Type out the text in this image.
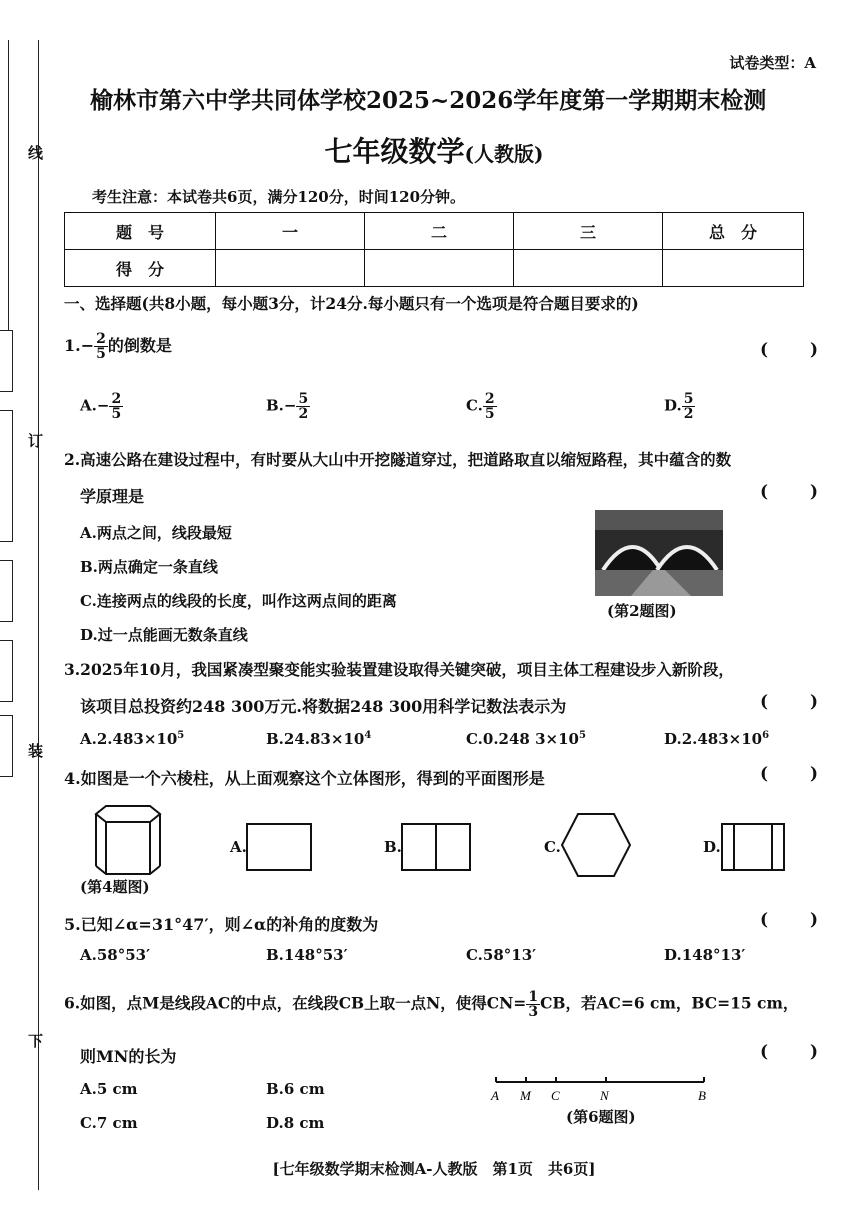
线
订
装
下
试卷类型：A
榆林市第六中学共同体学校2025~2026学年度第一学期期末检测
七年级数学(人教版)
考生注意：本试卷共6页，满分120分，时间120分钟。
题　号	一	二	三	总　分
得　分				
一、选择题(共8小题，每小题3分，计24分.每小题只有一个选项是符合题目要求的)
$1.- \frac{2}{5}$ 的倒数是	( )
$A.- \frac{2}{5}$	$B.- \frac{5}{2}$	C. $\frac{2}{5}$	D. $\frac{5}{2}$
2.高速公路在建设过程中，有时要从大山中开挖隧道穿过，把道路取直以缩短路程，其中蕴含的数
学原理是	( )
A.两点之间，线段最短
B.两点确定一条直线
C.连接两点的线段的长度，叫作这两点间的距离
D.过一点能画无数条直线
(第2题图)
3.2025年10月，我国紧凑型聚变能实验装置建设取得关键突破，项目主体工程建设步入新阶段，
该项目总投资约248 300万元.将数据248 300用科学记数法表示为	( )
$A.2.483\times 10^5$	$B.24.83\times 10^4$	C.0.248 $3\times 10^5$	$D.2.483\times 10^6$
4.如图是一个六棱柱，从上面观察这个立体图形，得到的平面图形是	( )
(第4题图)
A.	B.	C.	D.
5.已知∠α=31°47′，则∠α的补角的度数为	( )
A.58°53′	B.148°53′	C.58°13′	D.148°13′
6.如图，点M是线段AC的中点，在线段CB上取一点N，使得$CN= \frac{1}{3}$ CB，若AC=6 cm，BC=15 cm，
则MN的长为	( )
A.5 cm	B.6 cm
C.7 cm	D.8 cm
A M C	N	B
(第6题图)
[七年级数学期末检测A-人教版　第1页　共6页]
